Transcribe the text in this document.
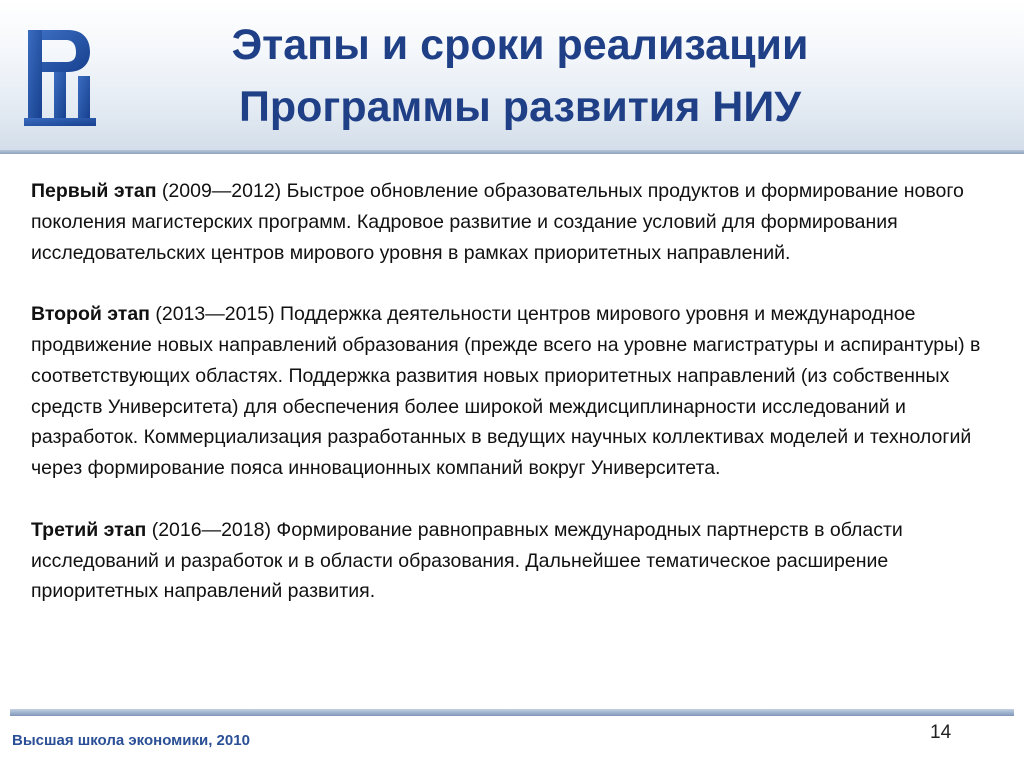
Этапы и сроки реализации
Программы развития НИУ

Первый этап (2009—2012) Быстрое обновление образовательных продуктов и формирование нового поколения магистерских программ. Кадровое развитие и создание условий для формирования исследовательских центров мирового уровня в рамках приоритетных направлений.

Второй этап (2013—2015) Поддержка деятельности центров мирового уровня и международное продвижение новых направлений образования (прежде всего на уровне магистратуры и аспирантуры) в соответствующих областях. Поддержка развития новых приоритетных направлений (из собственных средств Университета) для обеспечения более широкой междисциплинарности исследований и разработок. Коммерциализация разработанных в ведущих научных коллективах моделей и технологий через формирование пояса инновационных компаний вокруг Университета.

Третий этап (2016—2018) Формирование равноправных международных партнерств в области исследований и разработок и в области образования. Дальнейшее тематическое расширение приоритетных направлений развития.

Высшая школа экономики, 2010	14
